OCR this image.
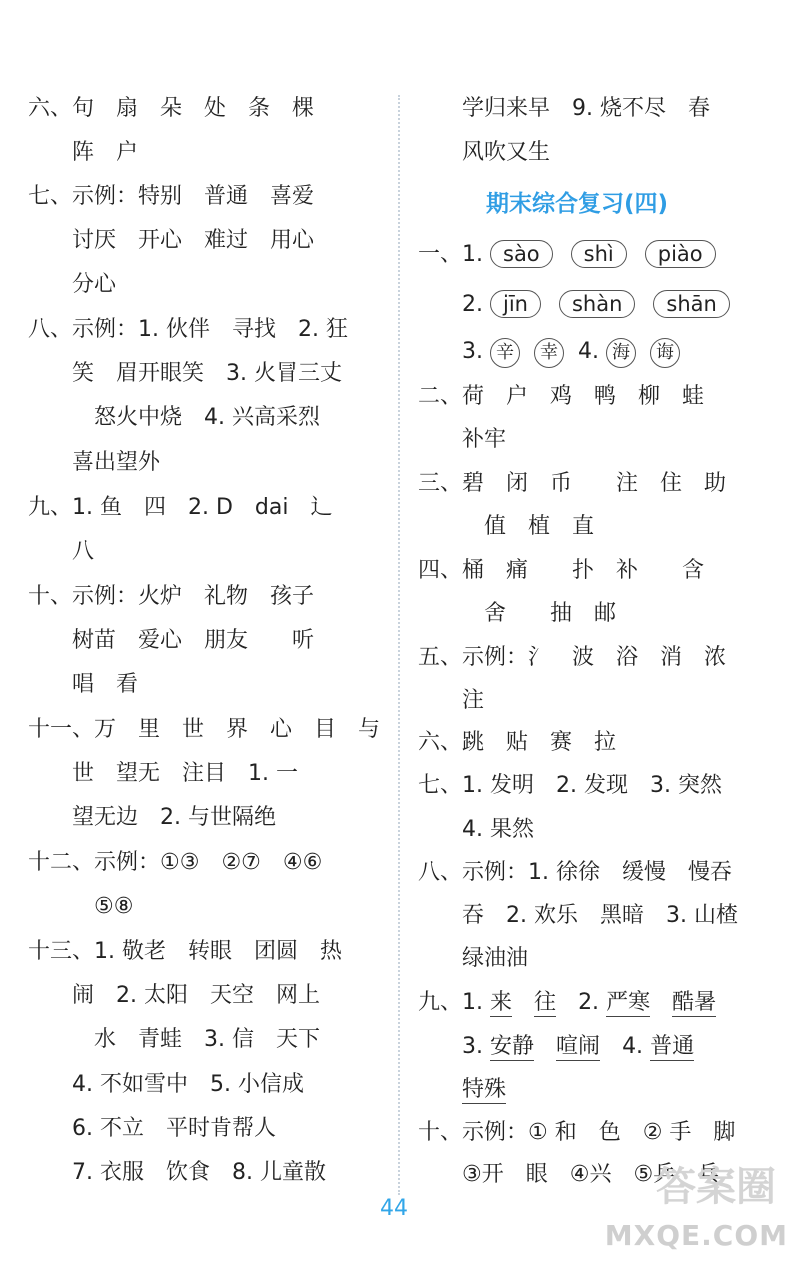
六、句　扇　朵　处　条　棵
　　阵　户
七、示例：特别　普通　喜爱
　　讨厌　开心　难过　用心
　　分心
八、示例：1. 伙伴　寻找　2. 狂
　　笑　眉开眼笑　3. 火冒三丈
　　　怒火中烧　4. 兴高采烈
　　喜出望外
九、1. 鱼　四　2. D　dai　辶
　　八
十、示例：火炉　礼物　孩子
　　树苗　爱心　朋友　　听
　　唱　看
十一、万　里　世　界　心　目　与
　　世　望无　注目　1. 一
　　望无边　2. 与世隔绝
十二、示例：①③　②⑦　④⑥
　　　⑤⑧
十三、1. 敬老　转眼　团圆　热
　　闹　2. 太阳　天空　网上
　　　水　青蛙　3. 信　天下
　　4. 不如雪中　5. 小信成
　　6. 不立　平时肯帮人
　　7. 衣服　饮食　8. 儿童散
　　学归来早　9. 烧不尽　春
　　风吹又生
期末综合复习(四)
一、1. sào shì piào
　　2. jīn shàn shān
　　3. 辛 幸 4. 海 诲
二、荷　户　鸡　鸭　柳　蛙
　　补牢
三、碧　闭　币　　注　住　助
　　　值　植　直
四、桶　痛　　扑　补　　含
　　　舍　　抽　邮
五、示例：氵　波　浴　消　浓
　　注
六、跳　贴　赛　拉
七、1. 发明　2. 发现　3. 突然
　　4. 果然
八、示例：1. 徐徐　缓慢　慢吞
　　吞　2. 欢乐　黑暗　3. 山楂
　　绿油油
九、1. 来　 往　 2. 严寒　 酷暑
　　3. 安静　 喧闹　 4. 普通
　　特殊
十、示例：① 和　色　② 手　脚
　　③开　眼　④兴　⑤乒　乓
44	答案圈
MXQE.COM
